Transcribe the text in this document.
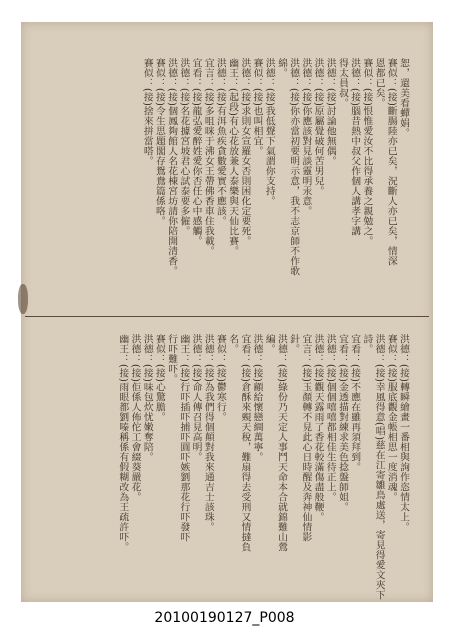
恕，還美看蟬娟。
賽似：(接)斷腸陸亦已矣，況斷人亦已矣，情深
恩都已矣。
賽似：(接)恨惟愛汝不比得承養之親勉之。
洪德：(接)腦昔熱中叔父作個人講孝字講
得太員叔。
洪德：(接)討論他無偶。
洪德：(接)原屬覺破何苦男兒。
洪德：(接)你應該對見談靈明汞意。
洪德：(接)你亦當初要明示意，我不志京師不作歌
綿。
洪德：(接)我低聲下氣謂你支持。
賽似：(接)也叫相宜。
洪德：(接)求則女宣羅女否則困化定要死。
幽王：(起段)有心花放兼人泰樂與天仙比賽。
洪德：(接)有洱魚疾貪數愛實不應該。
宜言：(接)多咀咪于沸女王帶佛香車住我載。
宜看：(接)龍弘愛醉姓愛你否任心中感觸。
洪德：(接)名花據宮坡君心試泰要多僱。
洪德：(接)個鳳夠館人名花棟宮坊請你陪開清香。
賽似：(接)令生思題閣存鴛鴦篇係咯。
賽似：(接)捨來拼當嗒。
洪德：(接)轉瞬繪畫一番相與詢作恣情太上。
賽似：(接)服底觀金帳相思一度消魂。
洪德：(接)幸風得意(唱)慈在江寄雛鳥處送，寄見得愛文夾下
詩。
宜看：(接)不應在雖再須拜到。
宜看：(接)金透描對練求美色捻盤師姐。
洪德：(接)個個嘻嘻都相佳生待正上。
洪德：(接)觀天露雨了香花較滿傷盡般鞭。
宜言：(接)玉顏轉不見此心日時醒及奔神仙情影
針。
洪德：(接)綠份乃天定人事鬥天命本合就錦難山鶯
編。
洪德：(接)顧給懷戀綢萬寧。
宜看：(接)倉酥來覡天稅，難扇得去受刑又情撻負
名。
賽似：(接)鬱寒行。
洪德：(接)為我們得個顛對我來通吉士該珠。
洪德：(接)命人傳召見高明。
幽王：(接)行吓插吓捕吓圓吓嫉劉那花行吓發吓
行吓難吓。
賽似：(接)心驚膽。
洪德：(接)味包炊忧嫩奪陪。
洪德：(接)佢係人佈佗工會綴葵嚴花。
幽王：(接)雨眼都劉嗪稱係有假糊改為王疏許吓。
20100190127_P008
